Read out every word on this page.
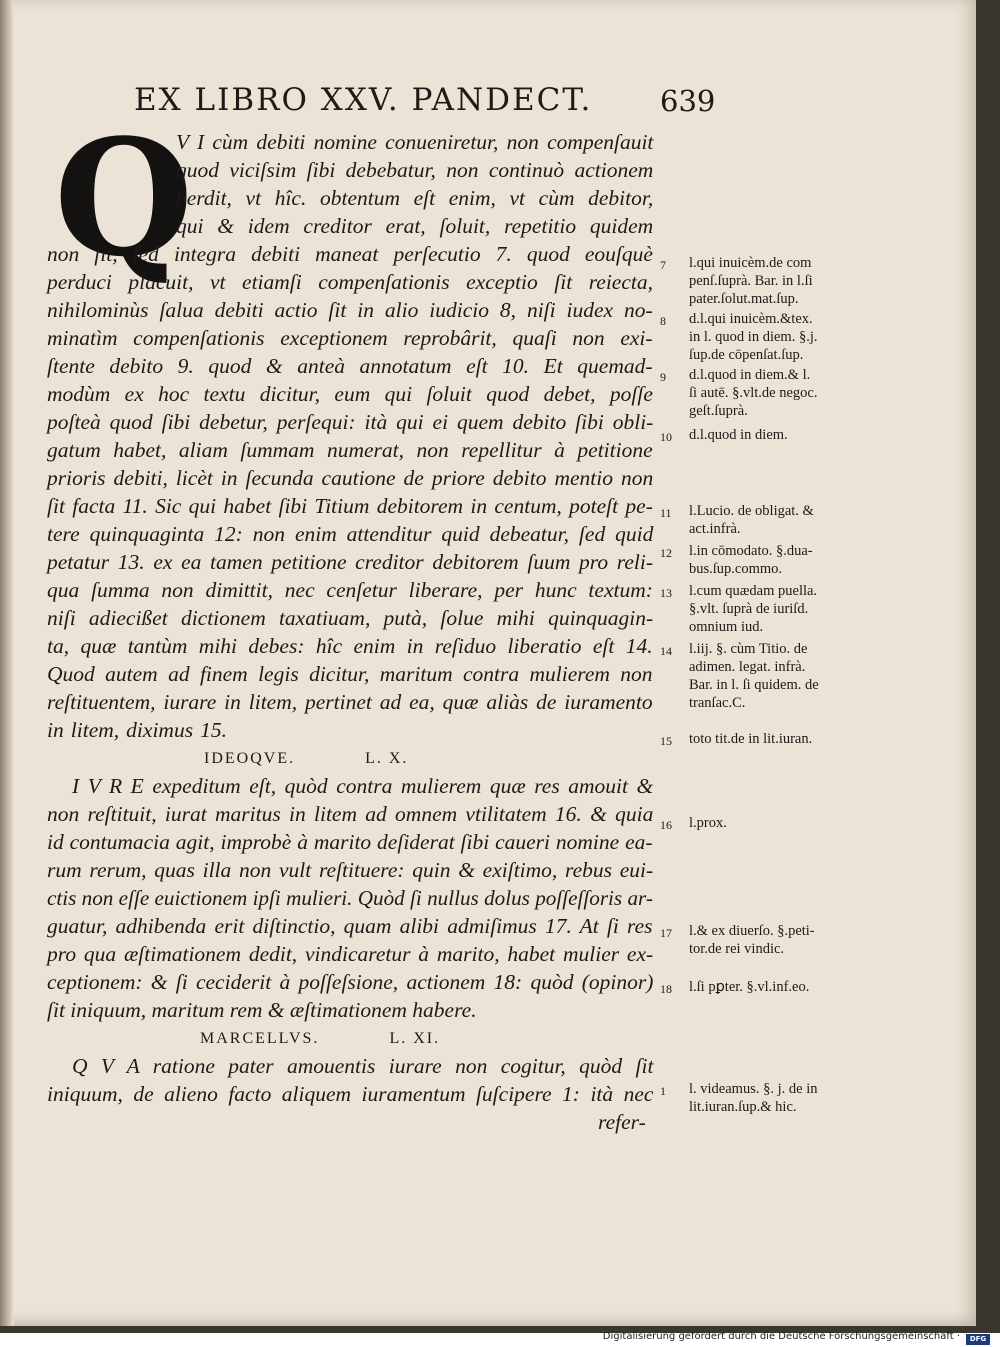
EX LIBRO XXV. PANDECT. 639
Q
V I cùm debiti nomine conueniretur, non compenſauit
quod viciſsim ſibi debebatur, non continuò actionem
perdit, vt hîc. obtentum eſt enim, vt cùm debitor,
qui & idem creditor erat, ſoluit, repetitio quidem
non ſit, ſed integra debiti maneat perſecutio 7. quod eouſquè
perduci placuit, vt etiamſi compenſationis exceptio ſit reiecta,
nihilominùs ſalua debiti actio ſit in alio iudicio 8, niſi iudex no-
minatìm compenſationis exceptionem reprobârit, quaſi non exi-
ſtente debito 9. quod & anteà annotatum eſt 10. Et quemad-
modùm ex hoc textu dicitur, eum qui ſoluit quod debet, poſſe
poſteà quod ſibi debetur, perſequi: ità qui ei quem debito ſibi obli-
gatum habet, aliam ſummam numerat, non repellitur à petitione
prioris debiti, licèt in ſecunda cautione de priore debito mentio non
ſit facta 11. Sic qui habet ſibi Titium debitorem in centum, poteſt pe-
tere quinquaginta 12: non enim attenditur quid debeatur, ſed quid
petatur 13. ex ea tamen petitione creditor debitorem ſuum pro reli-
qua ſumma non dimittit, nec cenſetur liberare, per hunc textum:
niſi adiecißet dictionem taxatiuam, putà, ſolue mihi quinquagin-
ta, quæ tantùm mihi debes: hîc enim in reſiduo liberatio eſt 14.
Quod autem ad finem legis dicitur, maritum contra mulierem non
reſtituentem, iurare in litem, pertinet ad ea, quæ aliàs de iuramento
in litem, diximus 15.
IDEOQVE.	L. X.
I V R E expeditum eſt, quòd contra mulierem quæ res amouit &
non reſtituit, iurat maritus in litem ad omnem vtilitatem 16. & quia
id contumacia agit, improbè à marito deſiderat ſibi caueri nomine ea-
rum rerum, quas illa non vult reſtituere: quin & exiſtimo, rebus eui-
ctis non eſſe euictionem ipſi mulieri. Quòd ſi nullus dolus poſſeſſoris ar-
guatur, adhibenda erit diſtinctio, quam alibi admiſimus 17. At ſi res
pro qua æſtimationem dedit, vindicaretur à marito, habet mulier ex-
ceptionem: & ſi ceciderit à poſſeſsione, actionem 18: quòd (opinor)
ſit iniquum, maritum rem & æſtimationem habere.
MARCELLVS.	L. XI.
Q V A ratione pater amouentis iurare non cogitur, quòd ſit
iniquum, de alieno facto aliquem iuramentum ſuſcipere 1: ità nec
refer-
7	l.qui inuicèm.de com
penſ.ſuprà. Bar. in l.ſi
pater.ſolut.mat.ſup.
8	d.l.qui inuicèm.&tex.
in l. quod in diem. §.j.
ſup.de cōpenſat.ſup.
9	d.l.quod in diem.& l.
ſi autē. §.vlt.de negoc.
geſt.ſuprà.
10	d.l.quod in diem.
11	l.Lucio. de obligat. &
act.infrà.
12	l.in cōmodato. §.dua-
bus.ſup.commo.
13	l.cum quædam puella.
§.vlt. ſuprà de iuriſd.
omnium iud.
14	l.iij. §. cùm Titio. de
adimen. legat. infrà.
Bar. in l. ſi quidem. de
tranſac.C.
15	toto tit.de in lit.iuran.
16	l.prox.
17	l.& ex diuerſo. §.peti-
tor.de rei vindic.
18	l.ſi pꝑter. §.vl.inf.eo.
1	l. videamus. §. j. de in
lit.iuran.ſup.& hic.
Digitalisierung gefördert durch die Deutsche Forschungsgemeinschaft ·	DFG
